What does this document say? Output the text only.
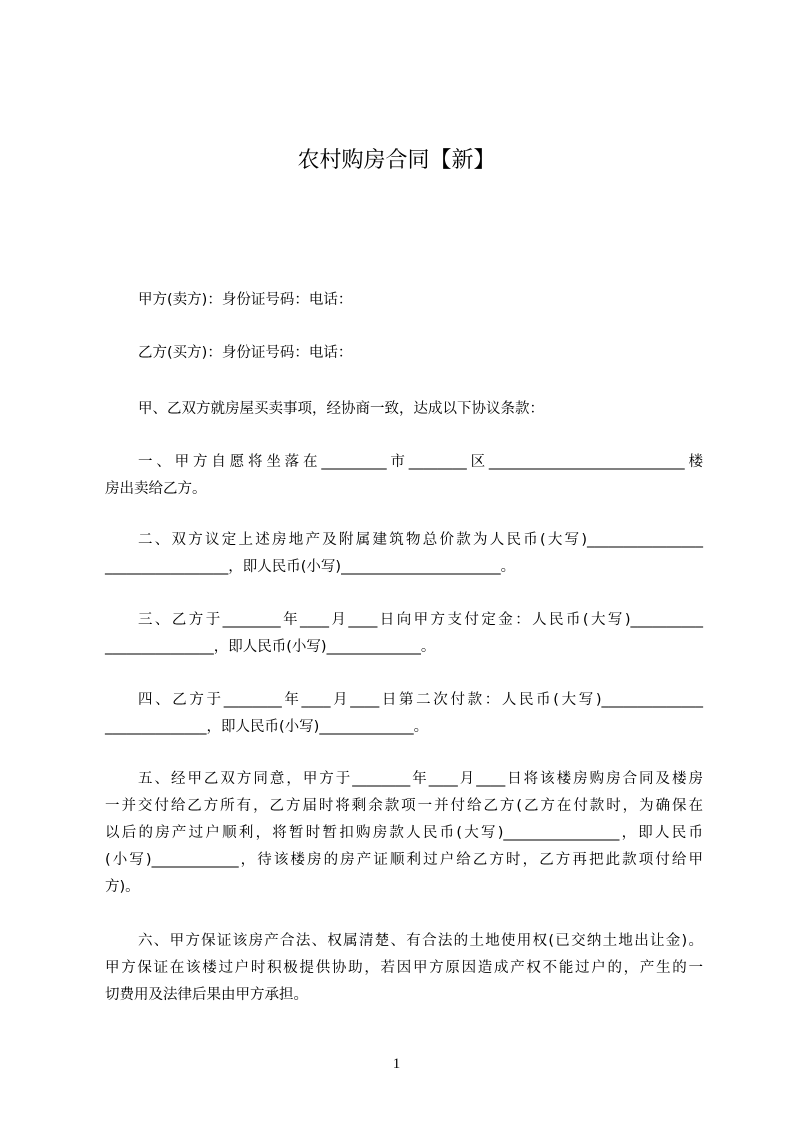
农村购房合同【新】
甲方(卖方)：身份证号码：电话：
乙方(买方)：身份证号码：电话：
甲、乙双方就房屋买卖事项，经协商一致，达成以下协议条款：
一、甲方自愿将坐落在_________市________区___________________________楼
房出卖给乙方。
二、双方议定上述房地产及附属建筑物总价款为人民币(大写)________________
_________________，即人民币(小写)______________________。
三、乙方于________年____月____日向甲方支付定金：人民币(大写)__________
_______________，即人民币(小写)_____________。
四、乙方于________年____月____日第二次付款：人民币(大写)______________
______________，即人民币(小写)_____________。
五、经甲乙双方同意，甲方于________年____月____日将该楼房购房合同及楼房
一并交付给乙方所有，乙方届时将剩余款项一并付给乙方(乙方在付款时，为确保在
以后的房产过户顺利，将暂时暂扣购房款人民币(大写)________________，即人民币
(小写)____________，待该楼房的房产证顺利过户给乙方时，乙方再把此款项付给甲
方)。
六、甲方保证该房产合法、权属清楚、有合法的土地使用权(已交纳土地出让金)。
甲方保证在该楼过户时积极提供协助，若因甲方原因造成产权不能过户的，产生的一
切费用及法律后果由甲方承担。
1
